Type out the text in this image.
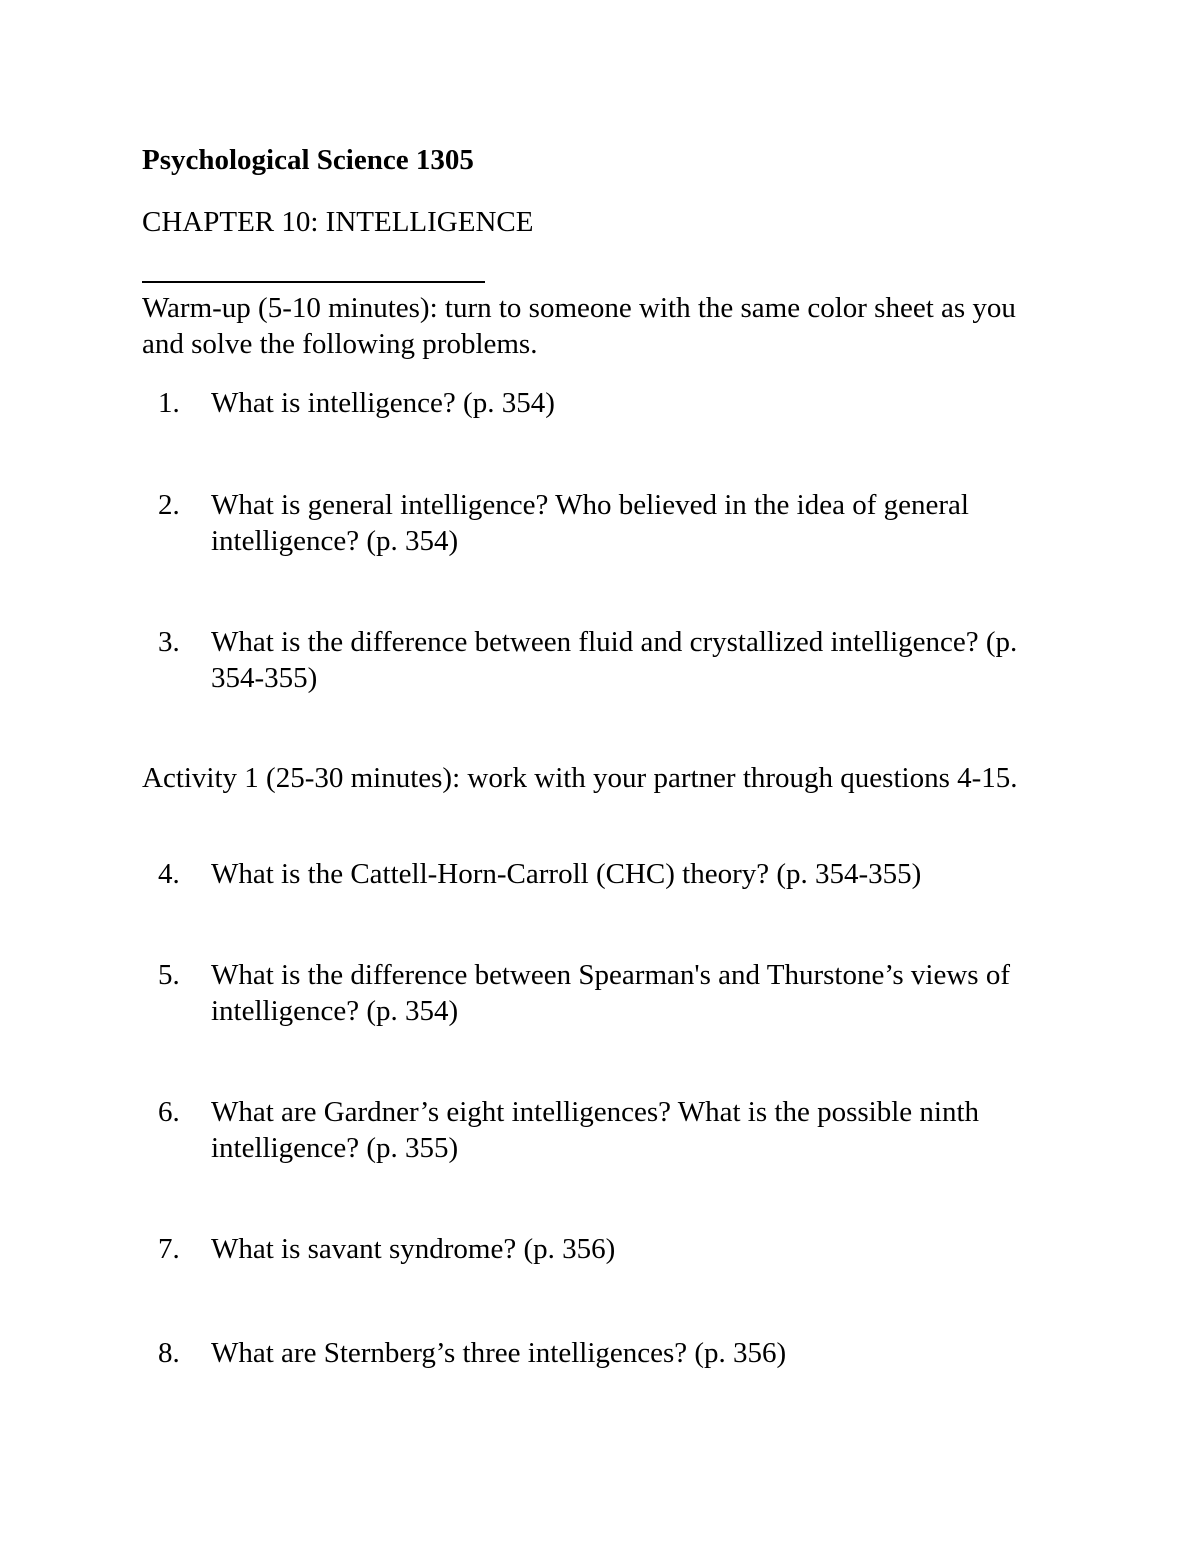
Psychological Science 1305
CHAPTER 10: INTELLIGENCE
Warm-up (5-10 minutes): turn to someone with the same color sheet as you and solve the following problems.
1. What is intelligence? (p. 354)
2. What is general intelligence? Who believed in the idea of general intelligence? (p. 354)
3. What is the difference between fluid and crystallized intelligence? (p. 354-355)
Activity 1 (25-30 minutes): work with your partner through questions 4-15.
4. What is the Cattell-Horn-Carroll (CHC) theory? (p. 354-355)
5. What is the difference between Spearman's and Thurstone’s views of intelligence? (p. 354)
6. What are Gardner’s eight intelligences? What is the possible ninth intelligence? (p. 355)
7. What is savant syndrome? (p. 356)
8. What are Sternberg’s three intelligences? (p. 356)
